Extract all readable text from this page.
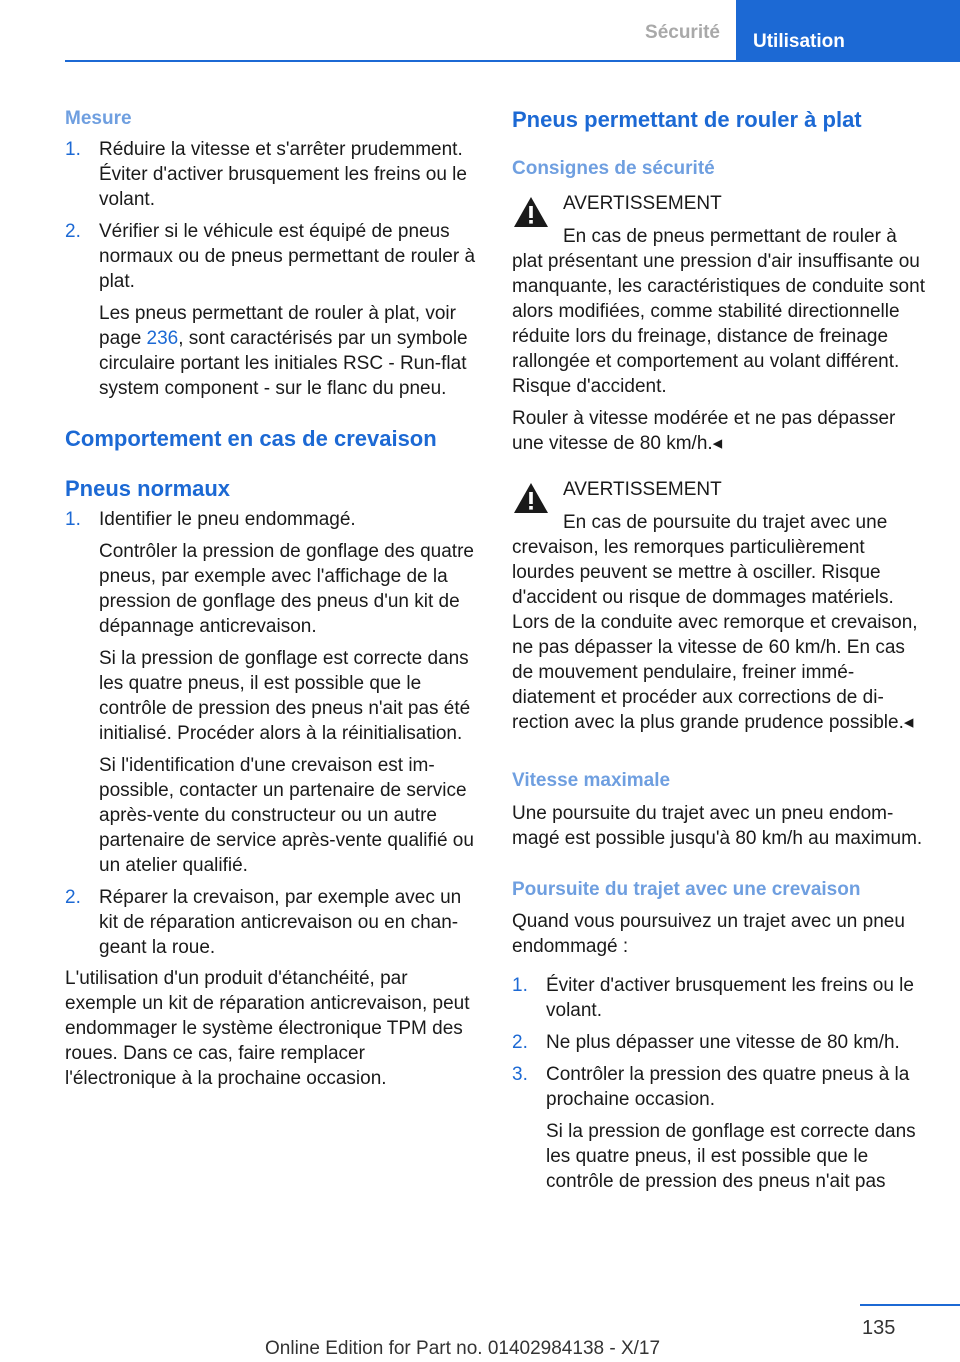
Sécurité	Utilisation
Mesure
1. Réduire la vitesse et s'arrêter prudemment. Éviter d'activer brusquement les freins ou le volant.

2. Vérifier si le véhicule est équipé de pneus normaux ou de pneus permettant de rouler à plat.

Les pneus permettant de rouler à plat, voir page 236, sont caractérisés par un symbole circulaire portant les initiales RSC - Run-flat system component - sur le flanc du pneu.

Comportement en cas de crevaison
Pneus normaux
1. Identifier le pneu endommagé.

Contrôler la pression de gonflage des quatre pneus, par exemple avec l'affichage de la pression de gonflage des pneus d'un kit de dépannage anticrevaison.

Si la pression de gonflage est correcte dans les quatre pneus, il est possible que le contrôle de pression des pneus n'ait pas été initialisé. Procéder alors à la réinitialisation.

Si l'identification d'une crevaison est impossible, contacter un partenaire de service après-vente du constructeur ou un autre partenaire de service après-vente qualifié ou un atelier qualifié.

2. Réparer la crevaison, par exemple avec un kit de réparation anticrevaison ou en changeant la roue.

L'utilisation d'un produit d'étanchéité, par exemple un kit de réparation anticrevaison, peut endommager le système électronique TPM des roues. Dans ce cas, faire remplacer l'électronique à la prochaine occasion.

Pneus permettant de rouler à plat
Consignes de sécurité

AVERTISSEMENT

En cas de pneus permettant de rouler à

plat présentant une pression d'air insuffisante ou manquante, les caractéristiques de conduite sont alors modifiées, comme stabilité directionnelle réduite lors du freinage, distance de freinage rallongée et comportement au volant différent. Risque d'accident.

Rouler à vitesse modérée et ne pas dépasser une vitesse de 80 km/h.◂

AVERTISSEMENT

En cas de poursuite du trajet avec une

crevaison, les remorques particulièrement lourdes peuvent se mettre à osciller. Risque d'accident ou risque de dommages matériels. Lors de la conduite avec remorque et crevaison, ne pas dépasser la vitesse de 60 km/h. En cas de mouvement pendulaire, freiner immédiatement et procéder aux corrections de direction avec la plus grande prudence possible.◂

Vitesse maximale

Une poursuite du trajet avec un pneu endommagé est possible jusqu'à 80 km/h au maximum.

Poursuite du trajet avec une crevaison

Quand vous poursuivez un trajet avec un pneu endommagé :

1. Éviter d'activer brusquement les freins ou le volant.

2. Ne plus dépasser une vitesse de 80 km/h.

3. Contrôler la pression des quatre pneus à la prochaine occasion.

Si la pression de gonflage est correcte dans les quatre pneus, il est possible que le contrôle de pression des pneus n'ait pas

135
Online Edition for Part no. 01402984138 - X/17
